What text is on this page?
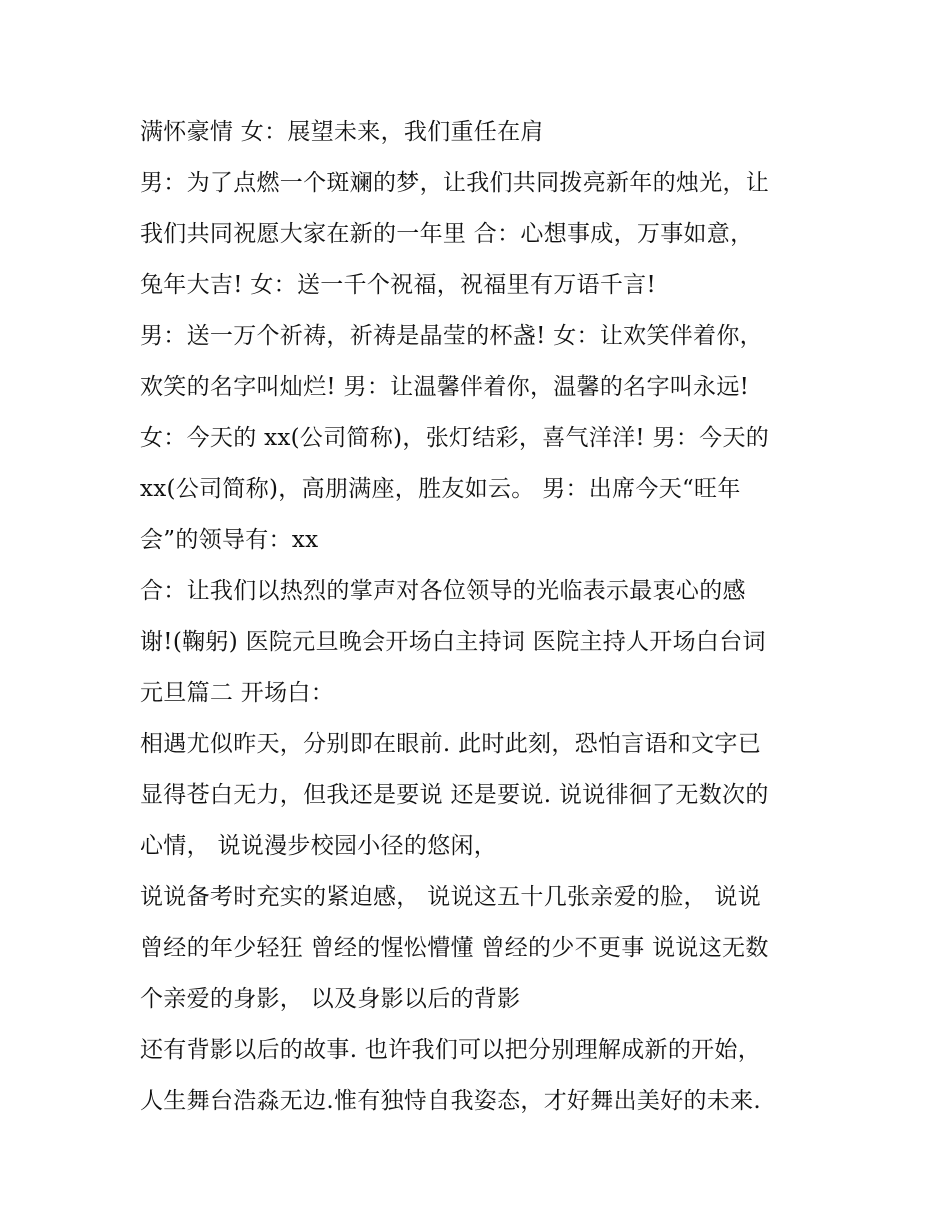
满怀豪情 女：展望未来，我们重任在肩
男：为了点燃一个斑斓的梦，让我们共同拨亮新年的烛光，让
我们共同祝愿大家在新的一年里 合：心想事成，万事如意，
兔年大吉! 女：送一千个祝福，祝福里有万语千言!
男：送一万个祈祷，祈祷是晶莹的杯盏! 女：让欢笑伴着你，
欢笑的名字叫灿烂! 男：让温馨伴着你，温馨的名字叫永远!
女：今天的 xx(公司简称)，张灯结彩，喜气洋洋! 男：今天的
xx(公司简称)，高朋满座，胜友如云。 男：出席今天“旺年
会”的领导有：xx
合：让我们以热烈的掌声对各位领导的光临表示最衷心的感
谢!(鞠躬) 医院元旦晚会开场白主持词 医院主持人开场白台词
元旦篇二 开场白：
相遇尤似昨天，分别即在眼前. 此时此刻，恐怕言语和文字已
显得苍白无力，但我还是要说 还是要说. 说说徘徊了无数次的
心情， 说说漫步校园小径的悠闲，
说说备考时充实的紧迫感， 说说这五十几张亲爱的脸， 说说
曾经的年少轻狂 曾经的惺忪懵懂 曾经的少不更事 说说这无数
个亲爱的身影， 以及身影以后的背影
还有背影以后的故事. 也许我们可以把分别理解成新的开始，
人生舞台浩淼无边.惟有独恃自我姿态，才好舞出美好的未来.
